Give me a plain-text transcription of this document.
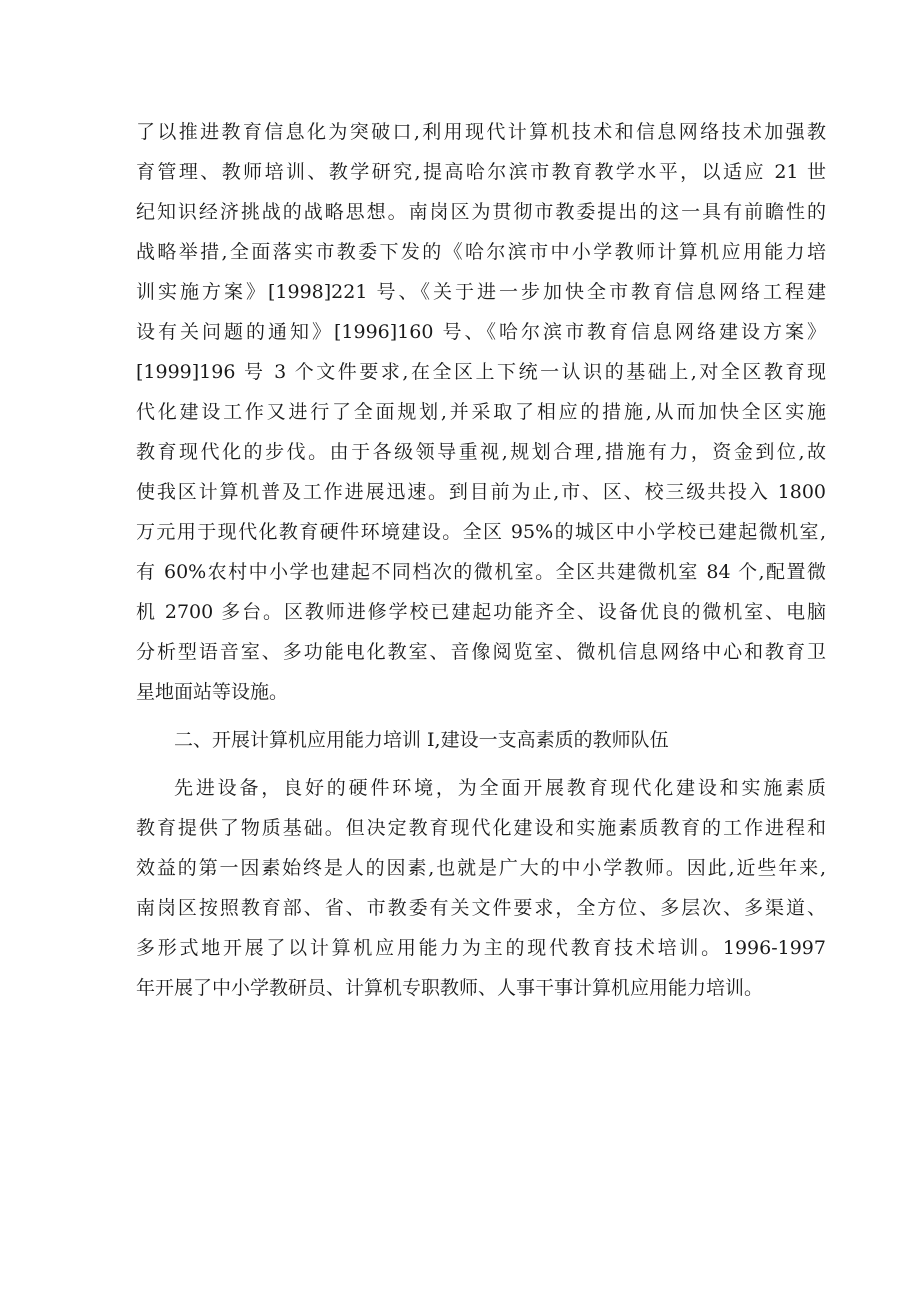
了以推进教育信息化为突破口,利用现代计算机技术和信息网络技术加强教
育管理、教师培训、教学研究,提高哈尔滨市教育教学水平，以适应 21 世
纪知识经济挑战的战略思想。南岗区为贯彻市教委提出的这一具有前瞻性的
战略举措,全面落实市教委下发的《哈尔滨市中小学教师计算机应用能力培
训实施方案》[1998]221 号、《关于进一步加快全市教育信息网络工程建
设有关问题的通知》[1996]160 号、《哈尔滨市教育信息网络建设方案》
[1999]196 号 3 个文件要求,在全区上下统一认识的基础上,对全区教育现
代化建设工作又进行了全面规划,并采取了相应的措施,从而加快全区实施
教育现代化的步伐。由于各级领导重视,规划合理,措施有力，资金到位,故
使我区计算机普及工作进展迅速。到目前为止,市、区、校三级共投入 1800
万元用于现代化教育硬件环境建设。全区 95%的城区中小学校已建起微机室,
有 60%农村中小学也建起不同档次的微机室。全区共建微机室 84 个,配置微
机 2700 多台。区教师进修学校已建起功能齐全、设备优良的微机室、电脑
分析型语音室、多功能电化教室、音像阅览室、微机信息网络中心和教育卫
星地面站等设施。
二、开展计算机应用能力培训 I,建设一支高素质的教师队伍
先进设备，良好的硬件环境，为全面开展教育现代化建设和实施素质
教育提供了物质基础。但决定教育现代化建设和实施素质教育的工作进程和
效益的第一因素始终是人的因素,也就是广大的中小学教师。因此,近些年来,
南岗区按照教育部、省、市教委有关文件要求，全方位、多层次、多渠道、
多形式地开展了以计算机应用能力为主的现代教育技术培训。1996-1997
年开展了中小学教研员、计算机专职教师、人事干事计算机应用能力培训。
